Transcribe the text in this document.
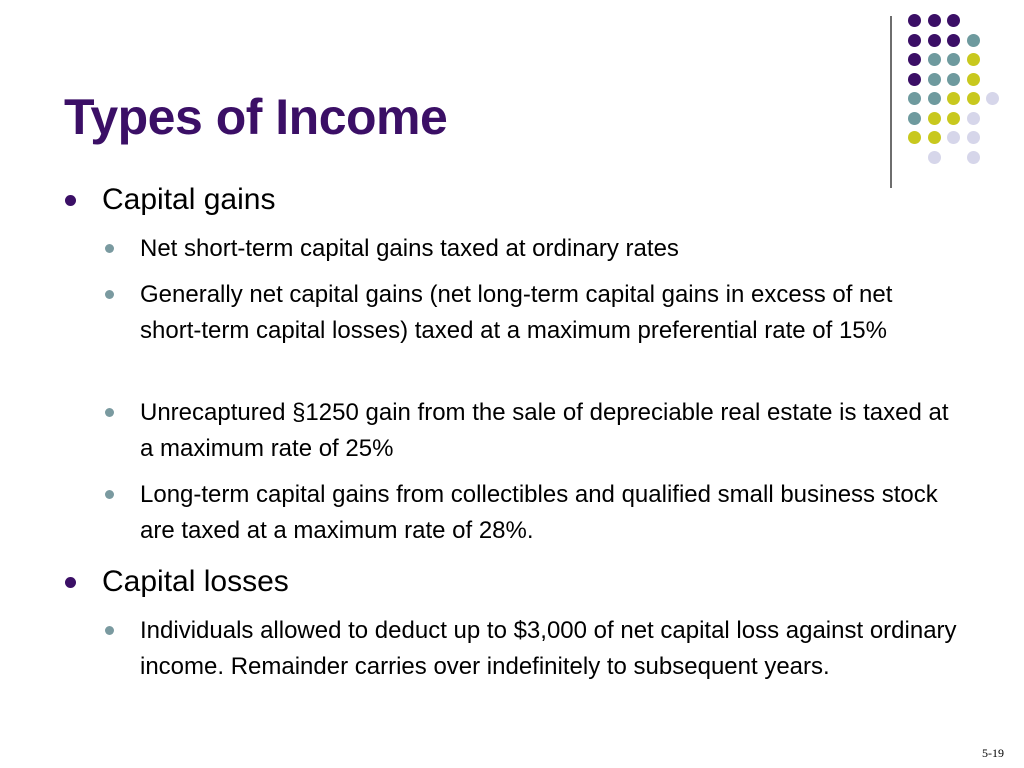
Types of Income
Capital gains
Net short-term capital gains taxed at ordinary rates
Generally net capital gains (net long-term capital gains in excess of net short-term capital losses) taxed at a maximum preferential rate of 15%
Unrecaptured §1250 gain from the sale of depreciable real estate is taxed at a maximum rate of 25%
Long-term capital gains from collectibles and qualified small business stock are taxed at a maximum rate of 28%.
Capital losses
Individuals allowed to deduct up to $3,000 of net capital loss against ordinary income. Remainder carries over indefinitely to subsequent years.
5-19
